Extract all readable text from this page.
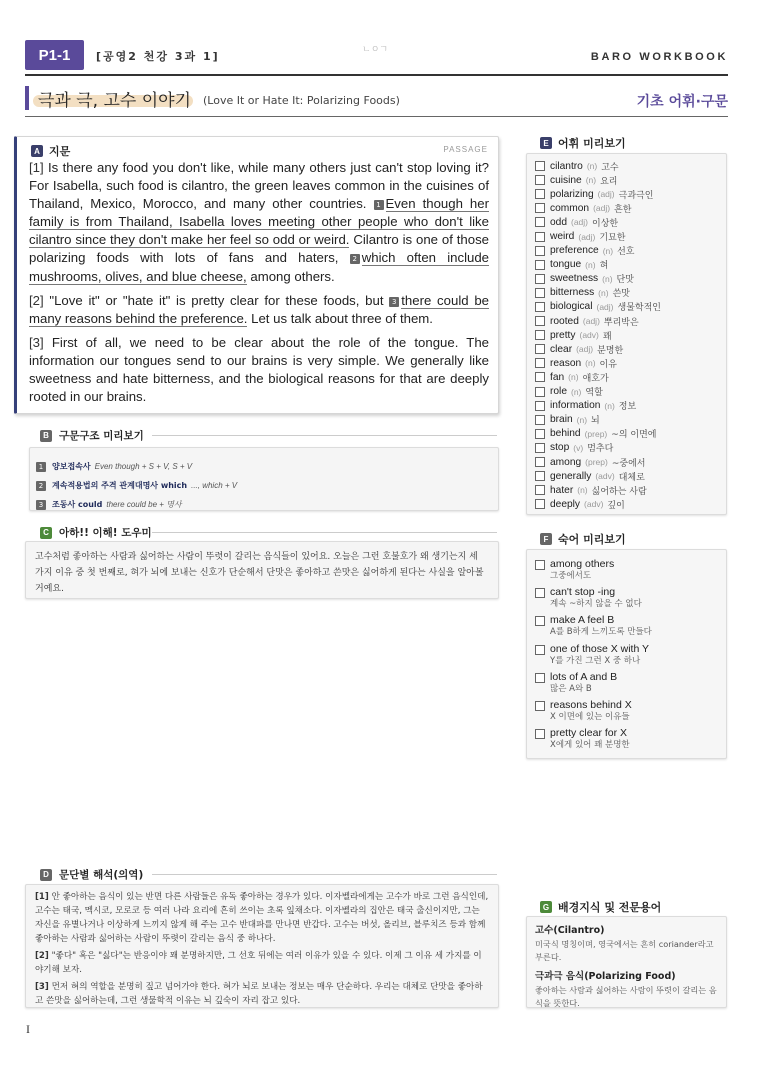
P1-1	[공영2 천강 3과 1]	ㄴㅇㄱ
BARO WORKBOOK
극과 극, 고수 이야기 (Love It or Hate It: Polarizing Foods)	기초 어휘·구문
A 지문	PASSAGE

[1] Is there any food you don't like, while many others just can't stop loving it? For Isabella, such food is cilantro, the green leaves common in the cuisines of Thailand, Mexico, Morocco, and many other countries. 1 Even though her family is from Thailand, Isabella loves meeting other people who don't like cilantro since they don't make her feel so odd or weird. Cilantro is one of those polarizing foods with lots of fans and haters, 2 which often include mushrooms, olives, and blue cheese, among others.

[2] "Love it" or "hate it" is pretty clear for these foods, but 3 there could be many reasons behind the preference. Let us talk about three of them.

[3] First of all, we need to be clear about the role of the tongue. The information our tongues send to our brains is very simple. We generally like sweetness and hate bitterness, and the biological reasons for that are deeply rooted in our brains.

B 구문구조 미리보기
1	양보접속사 Even though + S + V, S + V
2	계속적용법의 주격 관계대명사 which ..., which + V
3	조동사 could there could be + 명사
C 아하!! 이해! 도우미
고수처럼 좋아하는 사람과 싫어하는 사람이 뚜렷이 갈리는 음식들이 있어요. 오늘은 그런 호불호가 왜 생기는지 세 가지 이유 중 첫 번째로, 혀가 뇌에 보내는 신호가 단순해서 단맛은 좋아하고 쓴맛은 싫어하게 된다는 사실을 알아볼 거예요.
D 문단별 해석(의역)

[1] 안 좋아하는 음식이 있는 반면 다른 사람들은 유독 좋아하는 경우가 있다. 이자벨라에게는 고수가 바로 그런 음식인데, 고수는 태국, 멕시코, 모로코 등 여러 나라 요리에 흔히 쓰이는 초록 잎채소다. 이자벨라의 집안은 태국 출신이지만, 그는 자신을 유별나거나 이상하게 느끼지 않게 해 주는 고수 반대파를 만나면 반갑다. 고수는 버섯, 올리브, 블루치즈 등과 함께 좋아하는 사람과 싫어하는 사람이 뚜렷이 갈리는 음식 중 하나다.

[2] "좋다" 혹은 "싫다"는 반응이야 꽤 분명하지만, 그 선호 뒤에는 여러 이유가 있을 수 있다. 이제 그 이유 세 가지를 이야기해 보자.

[3] 먼저 혀의 역할을 분명히 짚고 넘어가야 한다. 혀가 뇌로 보내는 정보는 매우 단순하다. 우리는 대체로 단맛을 좋아하고 쓴맛을 싫어하는데, 그런 생물학적 이유는 뇌 깊숙이 자리 잡고 있다.

E 어휘 미리보기
cilantro (n) 고수
cuisine (n) 요리
polarizing (adj) 극과극인
common (adj) 흔한
odd (adj) 이상한
weird (adj) 기묘한
preference (n) 선호
tongue (n) 혀
sweetness (n) 단맛
bitterness (n) 쓴맛
biological (adj) 생물학적인
rooted (adj) 뿌리박은
pretty (adv) 꽤
clear (adj) 분명한
reason (n) 이유
fan (n) 애호가
role (n) 역할
information (n) 정보
brain (n) 뇌
behind (prep) ~의 이면에
stop (v) 멈추다
among (prep) ~중에서
generally (adv) 대체로
hater (n) 싫어하는 사람
deeply (adv) 깊이
F 숙어 미리보기
among others
그중에서도
can't stop -ing
계속 ~하지 않을 수 없다
make A feel B
A를 B하게 느끼도록 만들다
one of those X with Y
Y를 가진 그런 X 중 하나
lots of A and B
많은 A와 B
reasons behind X
X 이면에 있는 이유들
pretty clear for X
X에게 있어 꽤 분명한
G 배경지식 및 전문용어
고수(Cilantro)
미국식 명칭이며, 영국에서는 흔히 coriander라고 부른다.
극과극 음식(Polarizing Food)
좋아하는 사람과 싫어하는 사람이 뚜렷이 갈리는 음식을 뜻한다.
I
